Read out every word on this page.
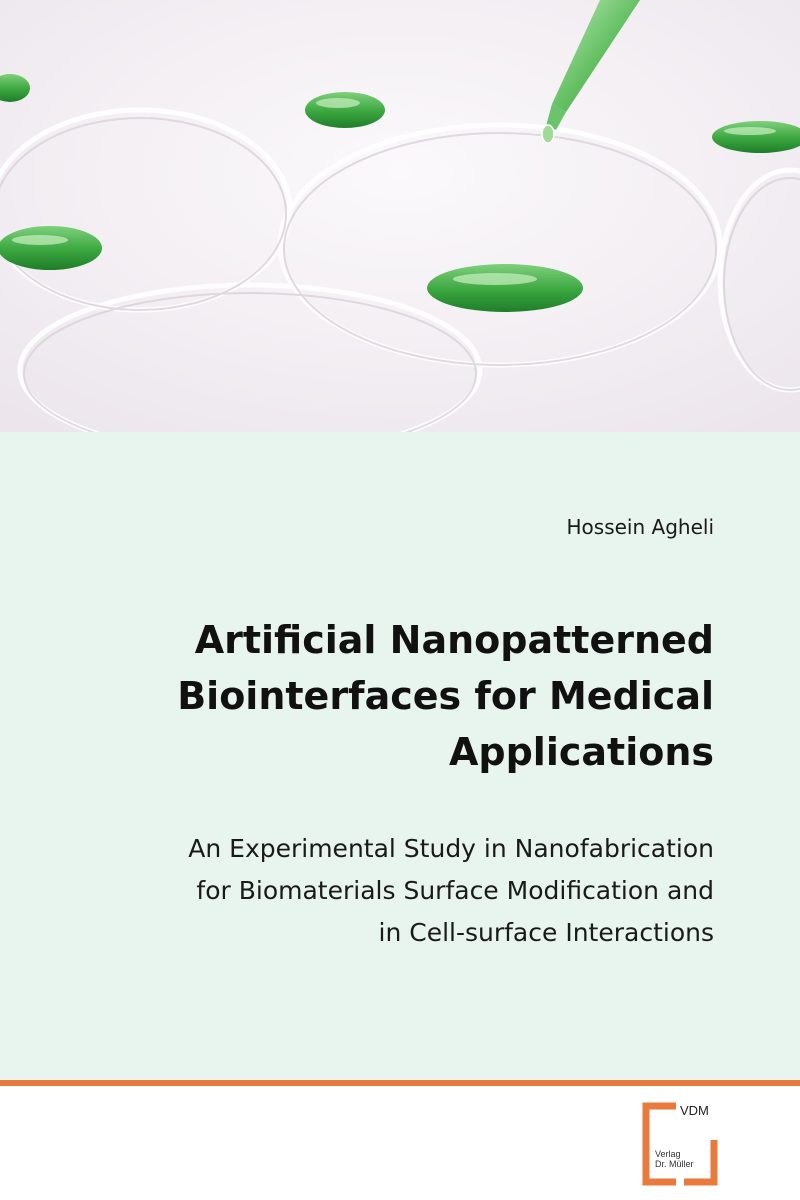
Hossein Agheli
Artificial Nanopatterned
Biointerfaces for Medical
Applications
An Experimental Study in Nanofabrication
for Biomaterials Surface Modification and
in Cell-surface Interactions
VDM
Verlag
Dr. Müller
